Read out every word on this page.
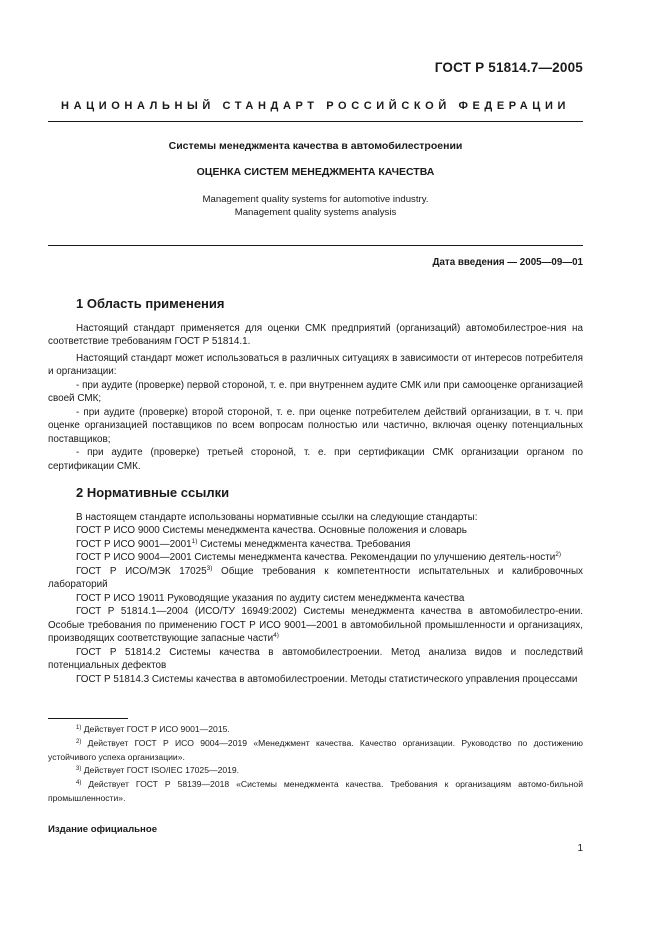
ГОСТ Р 51814.7—2005
НАЦИОНАЛЬНЫЙ СТАНДАРТ РОССИЙСКОЙ ФЕДЕРАЦИИ
Системы менеджмента качества в автомобилестроении
ОЦЕНКА СИСТЕМ МЕНЕДЖМЕНТА КАЧЕСТВА
Management quality systems for automotive industry.
Management quality systems analysis
Дата введения — 2005—09—01
1 Область применения
Настоящий стандарт применяется для оценки СМК предприятий (организаций) автомобилестрое-ния на соответствие требованиям ГОСТ Р 51814.1.
Настоящий стандарт может использоваться в различных ситуациях в зависимости от интересов потребителя и организации:
- при аудите (проверке) первой стороной, т. е. при внутреннем аудите СМК или при самооценке организацией своей СМК;
- при аудите (проверке) второй стороной, т. е. при оценке потребителем действий организации, в т. ч. при оценке организацией поставщиков по всем вопросам полностью или частично, включая оценку потенциальных поставщиков;
- при аудите (проверке) третьей стороной, т. е. при сертификации СМК организации органом по сертификации СМК.
2 Нормативные ссылки
В настоящем стандарте использованы нормативные ссылки на следующие стандарты:
ГОСТ Р ИСО 9000 Системы менеджмента качества. Основные положения и словарь
ГОСТ Р ИСО 9001—2001$^{1)}$ Системы менеджмента качества. Требования
ГОСТ Р ИСО 9004—2001 Системы менеджмента качества. Рекомендации по улучшению деятель-ности$^{2)}$
ГОСТ Р ИСО/МЭК 17025$^{3)}$ Общие требования к компетентности испытательных и калибровочных лабораторий
ГОСТ Р ИСО 19011 Руководящие указания по аудиту систем менеджмента качества
ГОСТ Р 51814.1—2004 (ИСО/ТУ 16949:2002) Системы менеджмента качества в автомобилестро-ении. Особые требования по применению ГОСТ Р ИСО 9001—2001 в автомобильной промышленности и организациях, производящих соответствующие запасные части$^{4)}$
ГОСТ Р 51814.2 Системы качества в автомобилестроении. Метод анализа видов и последствий потенциальных дефектов
ГОСТ Р 51814.3 Системы качества в автомобилестроении. Методы статистического управления процессами
$^{1)}$ Действует ГОСТ Р ИСО 9001—2015.
$^{2)}$ Действует ГОСТ Р ИСО 9004—2019 «Менеджмент качества. Качество организации. Руководство по достижению устойчивого успеха организации».
$^{3)}$ Действует ГОСТ ISO/IEC 17025—2019.
$^{4)}$ Действует ГОСТ Р 58139—2018 «Системы менеджмента качества. Требования к организациям автомо-бильной промышленности».
Издание официальное
1
